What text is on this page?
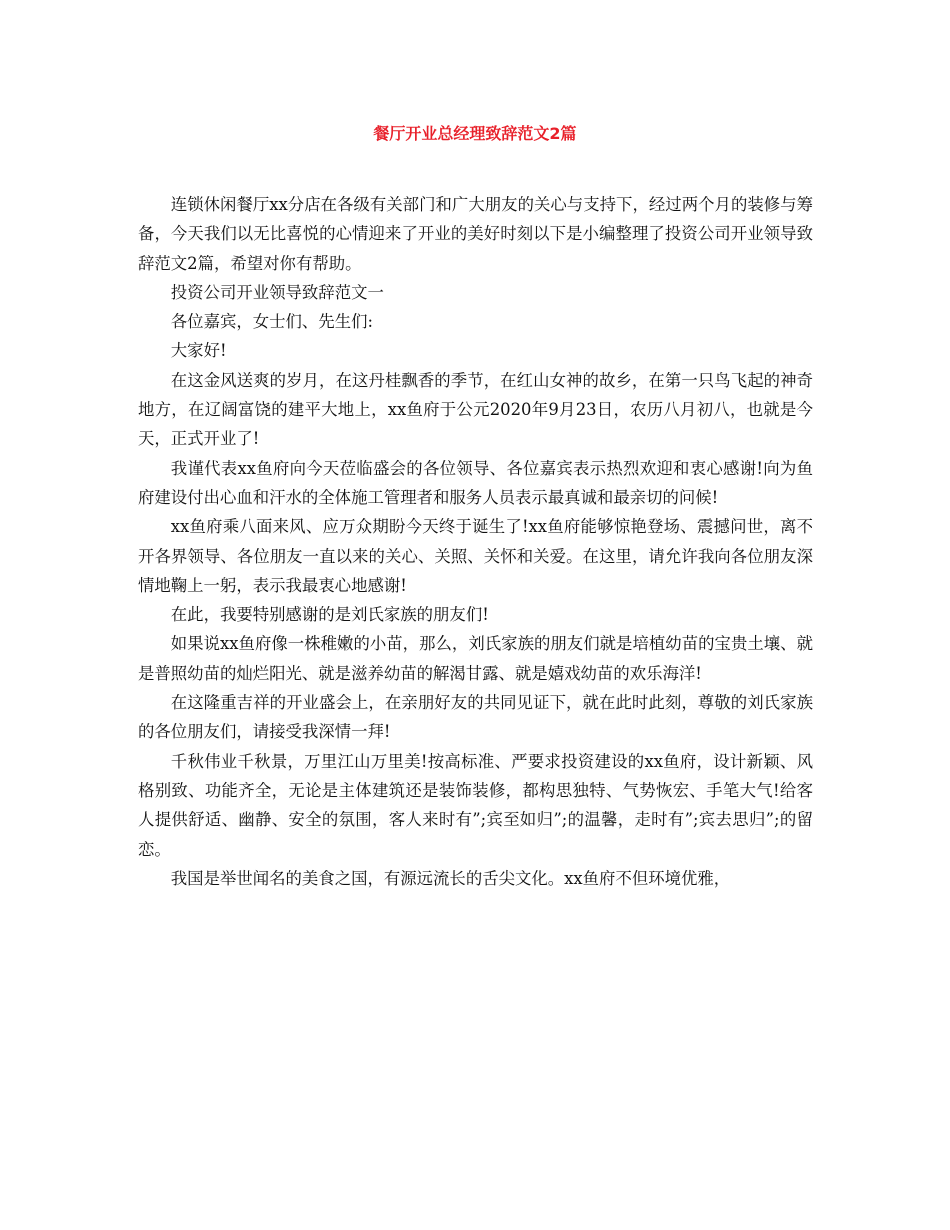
餐厅开业总经理致辞范文2篇

连锁休闲餐厅xx分店在各级有关部门和广大朋友的关心与支持下，经过两个月的装修与筹备，今天我们以无比喜悦的心情迎来了开业的美好时刻以下是小编整理了投资公司开业领导致辞范文2篇，希望对你有帮助。

投资公司开业领导致辞范文一

各位嘉宾，女士们、先生们:

大家好!

在这金风送爽的岁月，在这丹桂飘香的季节，在红山女神的故乡，在第一只鸟飞起的神奇地方，在辽阔富饶的建平大地上，xx鱼府于公元2020年9月23日，农历八月初八，也就是今天，正式开业了!

我谨代表xx鱼府向今天莅临盛会的各位领导、各位嘉宾表示热烈欢迎和衷心感谢!向为鱼府建设付出心血和汗水的全体施工管理者和服务人员表示最真诚和最亲切的问候!

xx鱼府乘八面来风、应万众期盼今天终于诞生了!xx鱼府能够惊艳登场、震撼问世，离不开各界领导、各位朋友一直以来的关心、关照、关怀和关爱。在这里，请允许我向各位朋友深情地鞠上一躬，表示我最衷心地感谢!

在此，我要特别感谢的是刘氏家族的朋友们!

如果说xx鱼府像一株稚嫩的小苗，那么，刘氏家族的朋友们就是培植幼苗的宝贵土壤、就是普照幼苗的灿烂阳光、就是滋养幼苗的解渴甘露、就是嬉戏幼苗的欢乐海洋!

在这隆重吉祥的开业盛会上，在亲朋好友的共同见证下，就在此时此刻，尊敬的刘氏家族的各位朋友们，请接受我深情一拜!

千秋伟业千秋景，万里江山万里美!按高标准、严要求投资建设的xx鱼府，设计新颖、风格别致、功能齐全，无论是主体建筑还是装饰装修，都构思独特、气势恢宏、手笔大气!给客人提供舒适、幽静、安全的氛围，客人来时有”;宾至如归”;的温馨，走时有”;宾去思归”;的留恋。

我国是举世闻名的美食之国，有源远流长的舌尖文化。xx鱼府不但环境优雅，
